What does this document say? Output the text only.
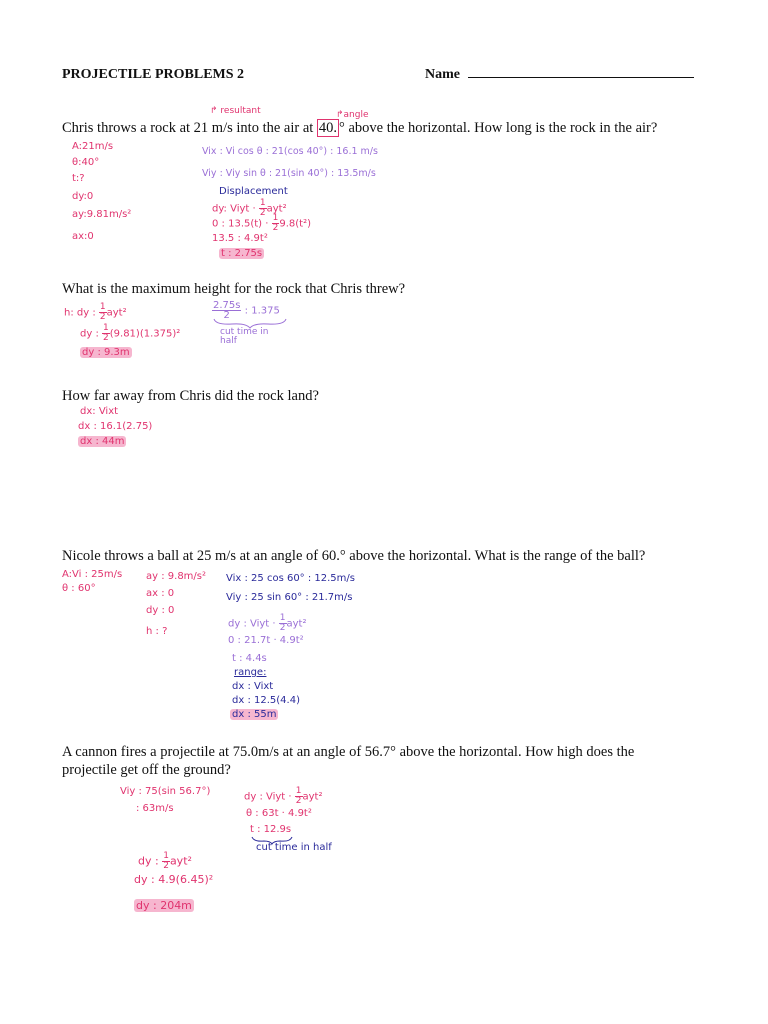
PROJECTILE PROBLEMS 2	Name
↱ resultant	↱angle
Chris throws a rock at 21 m/s into the air at 40. ° above the horizontal. How long is the rock in the air?
A:21m/s
θ:40°
t:?
dy:0
ay:9.81m/s²
ax:0
Vix : Vi cos θ : 21(cos 40°) : 16.1 m/s
Viy : Viy sin θ : 21(sin 40°) : 13.5m/s
Displacement
dy: Viyt · $\frac{1}{2} ayt^2$
0 : $13.5(t) \cdot \frac{1}{2} 9.8(t^2)$
13.5 : 4.9t²
t : 2.75s
What is the maximum height for the rock that Chris threw?
h: dy : $\frac{1}{2} ayt^2$
dy : $\frac{1}{2} (9.81)(1.375)^2$
dy : 9.3m
$\frac{2.75s}{2}$ : 1.375
cut time in half
How far away from Chris did the rock land?
dx: Vixt
dx : 16.1(2.75)
dx : 44m
Nicole throws a ball at 25 m/s at an angle of 60.° above the horizontal. What is the range of the ball?
A:Vi : 25m/s
θ : 60°
ay : 9.8m/s²
ax : 0
dy : 0
h : ?
Vix : 25 cos 60° : 12.5m/s
Viy : 25 sin 60° : 21.7m/s
dy : Viyt · $\frac{1}{2} ayt^2$
0 : 21.7t · 4.9t²
t : 4.4s
range:
dx : Vixt
dx : 12.5(4.4)
dx : 55m
A cannon fires a projectile at 75.0m/s at an angle of 56.7° above the horizontal. How high does the
projectile get off the ground?
Viy : 75(sin 56.7°)
: 63m/s
dy : Viyt · $\frac{1}{2} ayt^2$
θ : 63t · 4.9t²
t : 12.9s
cut time in half
dy : $\frac{1}{2} ayt^2$
dy : 4.9(6.45)²
dy : 204m
